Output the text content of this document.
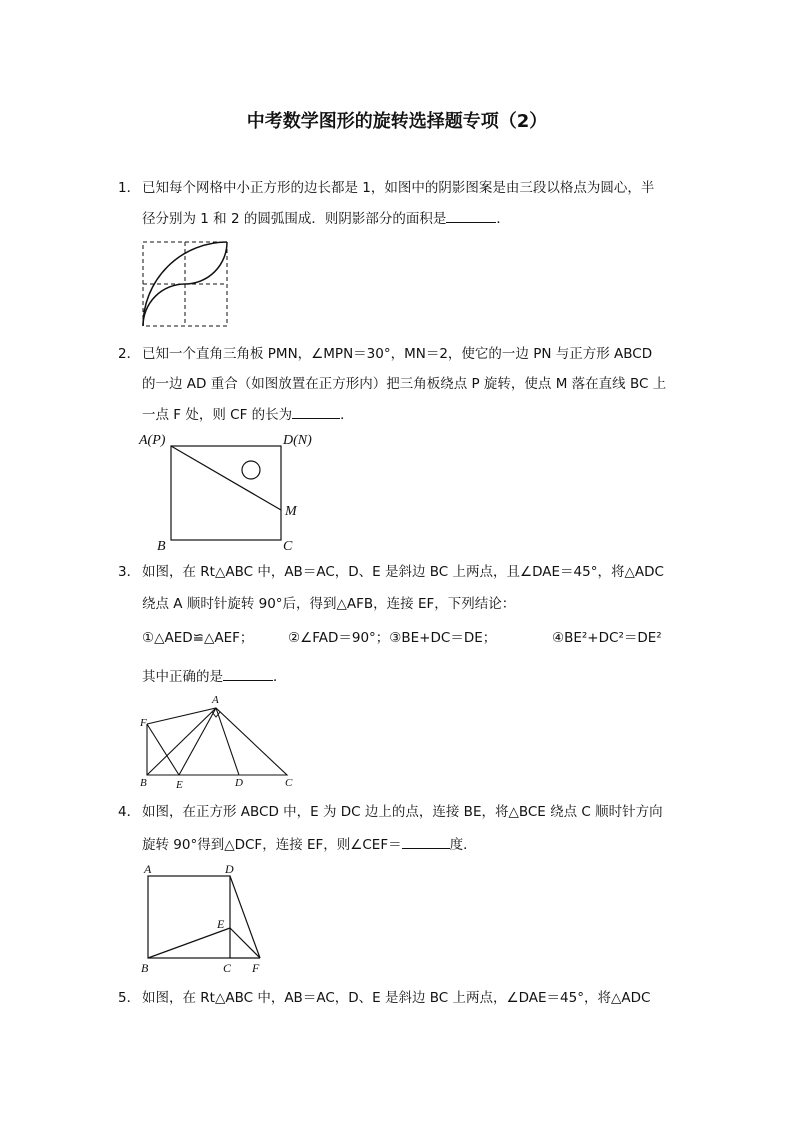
中考数学图形的旋转选择题专项（2）
1． 已知每个网格中小正方形的边长都是 1，如图中的阴影图案是由三段以格点为圆心，半
径分别为 1 和 2 的圆弧围成．则阴影部分的面积是	．
2． 已知一个直角三角板 PMN，∠MPN＝30°，MN＝2，使它的一边 PN 与正方形 ABCD
的一边 AD 重合（如图放置在正方形内）把三角板绕点 P 旋转，使点 M 落在直线 BC 上
一点 F 处，则 CF 的长为	．
A(P)	D(N)
M
B	C
3． 如图，在 Rt△ABC 中，AB＝AC，D、E 是斜边 BC 上两点，且∠DAE＝45°，将△ADC
绕点 A 顺时针旋转 90°后，得到△AFB，连接 EF，下列结论：
①△AED≌△AEF；	②∠FAD＝90°；③BE+DC＝DE；	④BE²+DC²＝DE²
其中正确的是	．
A
F
B	E	D	C
4． 如图，在正方形 ABCD 中，E 为 DC 边上的点，连接 BE，将△BCE 绕点 C 顺时针方向
旋转 90°得到△DCF，连接 EF，则∠CEF＝	度．
A	D
E
B	C F
5． 如图，在 Rt△ABC 中，AB＝AC，D、E 是斜边 BC 上两点，∠DAE＝45°，将△ADC
